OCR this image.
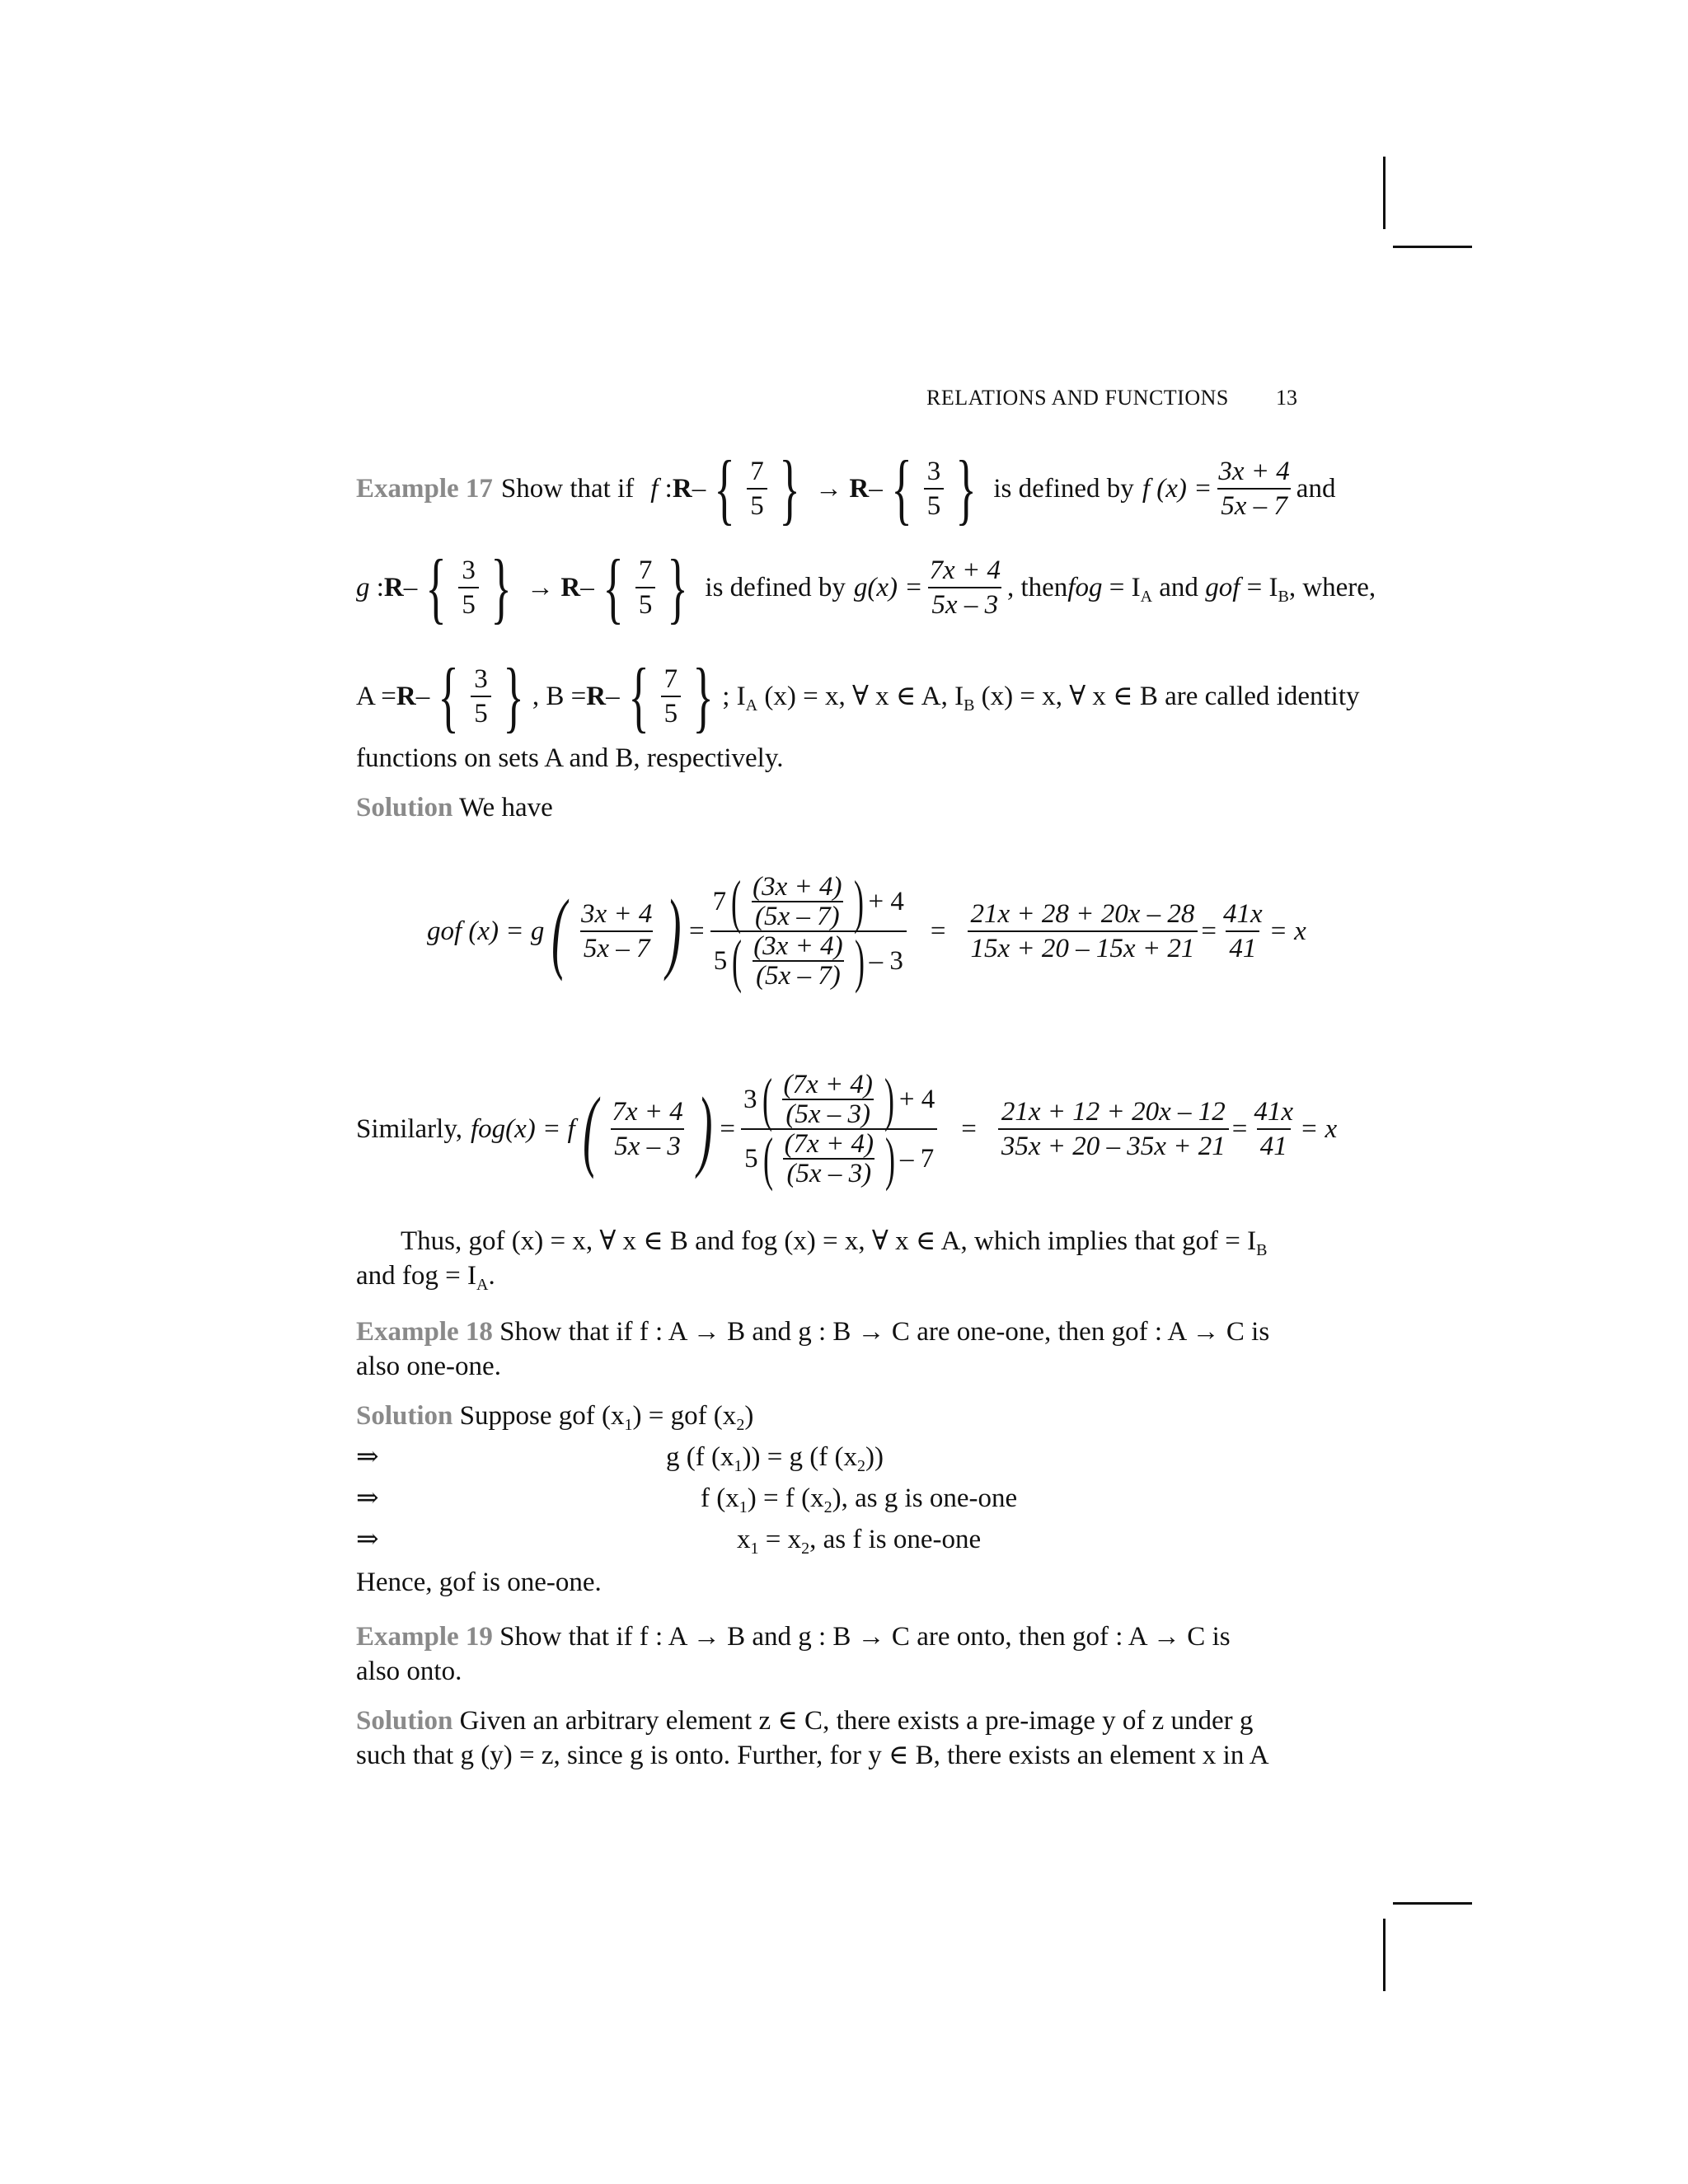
RELATIONS AND FUNCTIONS 13
Example 17 Show that if f : R – { $\frac{7}{5}$ } → R – { $\frac{3}{5}$ } is defined by f $(x) = \frac{3x + 4}{5x - 7}$ and
g : R – { $\frac{3}{5}$ } → R – { $\frac{7}{5}$ } is defined by $g(x) = \frac{7x + 4}{5x - 3}$ , thenfog = $I_A$ and gof = $I_B$, where,
A = R – { $\frac{3}{5}$ } , B = R – { $\frac{7}{5}$ } ; $I_A$ (x) = x, ∀ x ∈ A, $I_B$ (x) = x, ∀ x ∈ B are called identity
functions on sets A and B, respectively.
Solution We have
gof (x) = g ( $\frac{3x + 4}{5x - 7}$ ) = $\frac{7 ( \frac{(3x + 4)}{(5x - 7)} ) + 4}{5 ( \frac{(3x + 4)}{(5x - 7)} ) - 3} = \frac{21x + 28 + 20x - 28}{15x + 20 - 15x + 21} = \frac{41x}{41} = x$
Similarly, fog(x) = f ( $\frac{7x + 4}{5x - 3}$ ) = $\frac{3 ( \frac{(7x + 4)}{(5x - 3)} ) + 4}{5 ( \frac{(7x + 4)}{(5x - 3)} ) - 7} = \frac{21x + 12 + 20x - 12}{35x + 20 - 35x + 21} = \frac{41x}{41} = x$
Thus, gof (x) = x, ∀ x ∈ B and fog (x) = x, ∀ x ∈ A, which implies that gof = $I_B$
and fog = $I_A$.
Example 18 Show that if f : A → B and g : B → C are one-one, then gof : A → C is
also one-one.
Solution Suppose gof $(x_1)$ = gof $(x_2)$
⇒	g (f $(x_1)) = g$ (f $(x_2)$)
⇒	f $(x_1) = f$ $(x_2)$, as g is one-one
⇒	$x_1 = x_2$, as f is one-one
Hence, gof is one-one.
Example 19 Show that if f : A → B and g : B → C are onto, then gof : A → C is
also onto.
Solution Given an arbitrary element z ∈ C, there exists a pre-image y of z under g
such that g (y) = z, since g is onto. Further, for y ∈ B, there exists an element x in A
